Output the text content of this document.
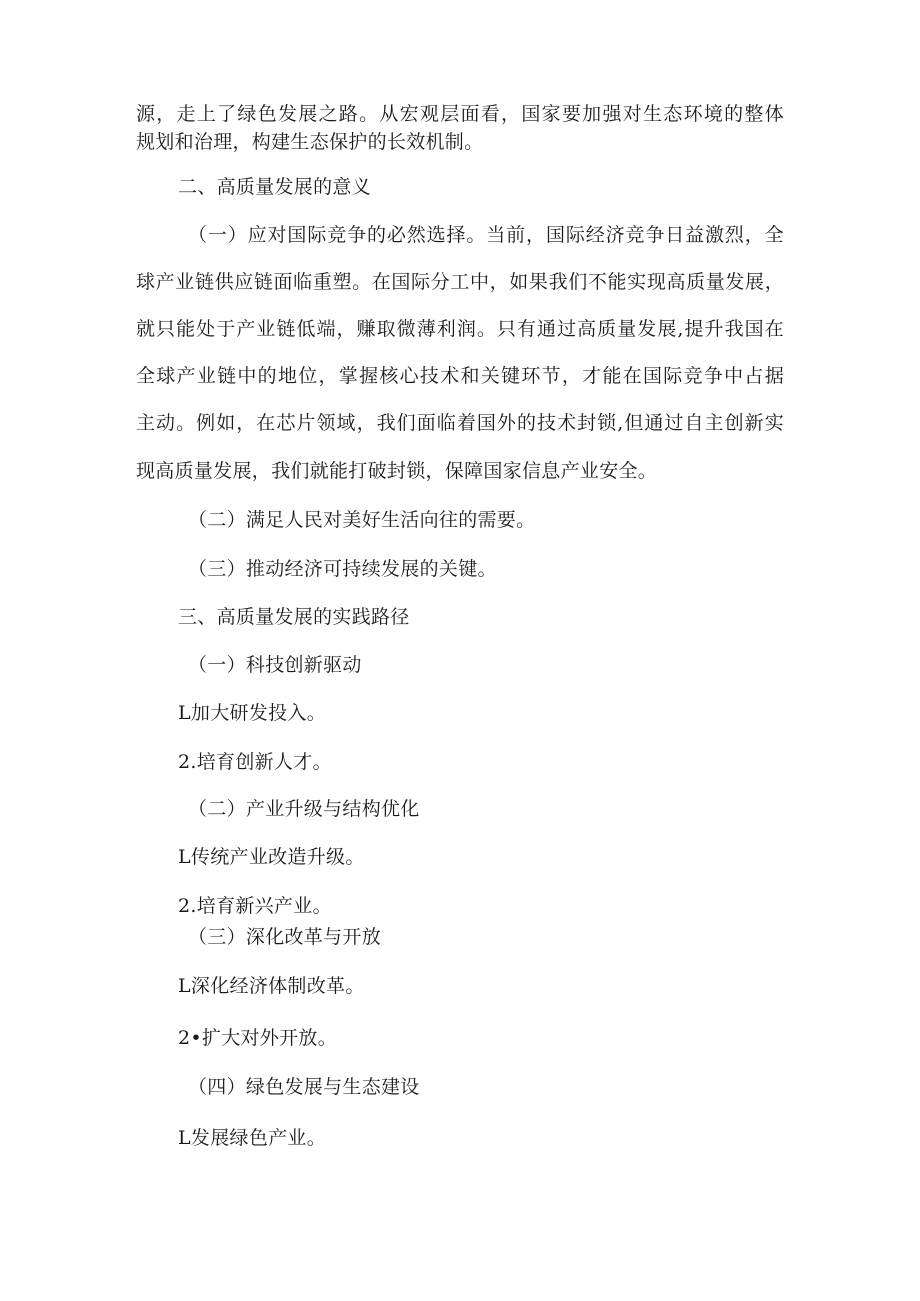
源，走上了绿色发展之路。从宏观层面看，国家要加强对生态环境的整体
规划和治理，构建生态保护的长效机制。
二、高质量发展的意义
（一）应对国际竞争的必然选择。当前，国际经济竞争日益激烈，全
球产业链供应链面临重塑。在国际分工中，如果我们不能实现高质量发展，
就只能处于产业链低端，赚取微薄利润。只有通过高质量发展,提升我国在
全球产业链中的地位，掌握核心技术和关键环节，才能在国际竞争中占据
主动。例如，在芯片领域，我们面临着国外的技术封锁,但通过自主创新实
现高质量发展，我们就能打破封锁，保障国家信息产业安全。
（二）满足人民对美好生活向往的需要。
（三）推动经济可持续发展的关键。
三、高质量发展的实践路径
（一）科技创新驱动
L加大研发投入。
2.培育创新人才。
（二）产业升级与结构优化
L传统产业改造升级。
2.培育新兴产业。
（三）深化改革与开放
L深化经济体制改革。
2•扩大对外开放。
（四）绿色发展与生态建设
L发展绿色产业。
